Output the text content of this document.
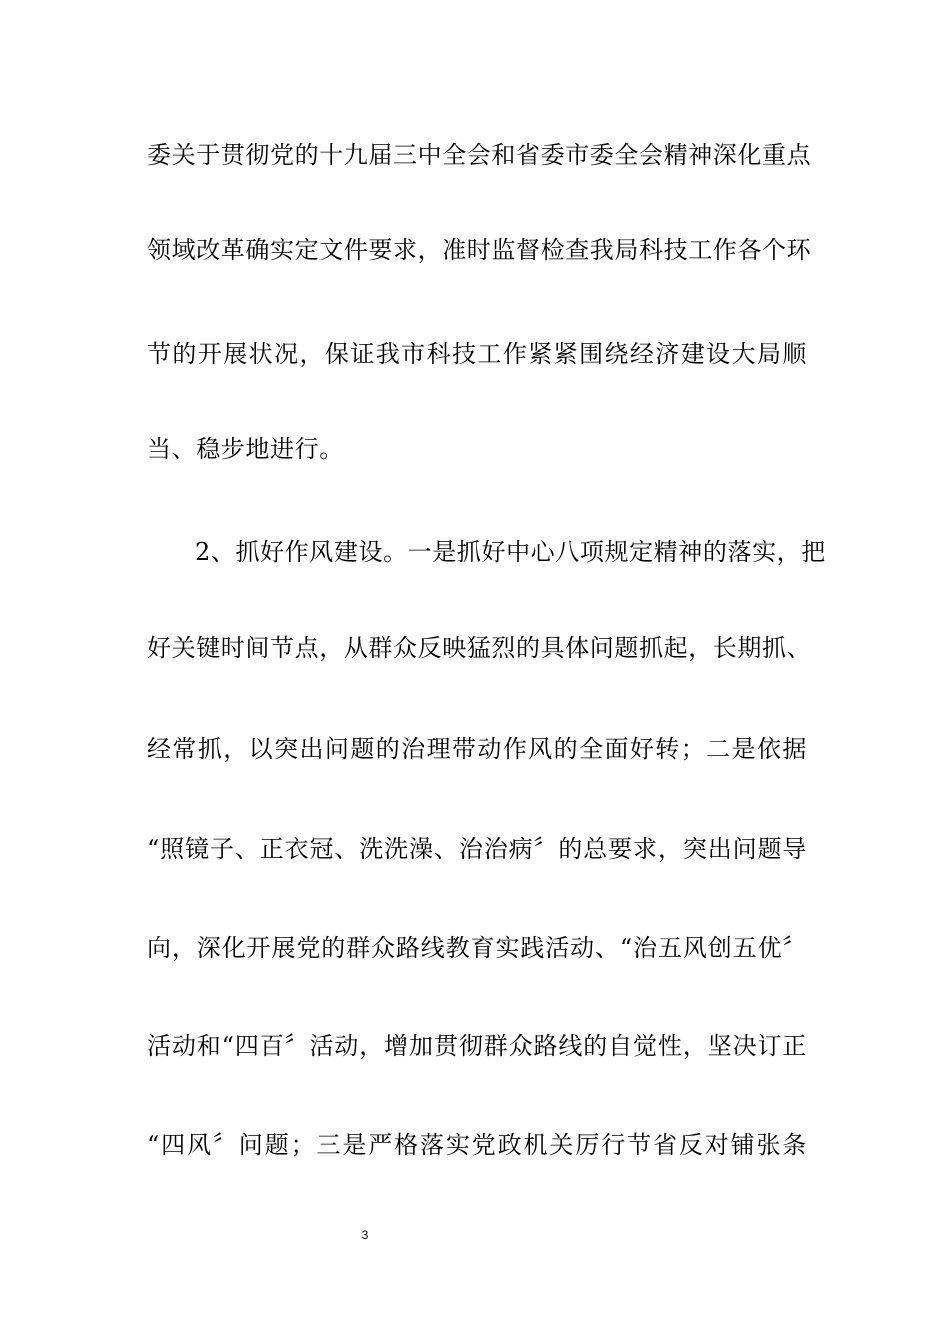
委关于贯彻党的十九届三中全会和省委市委全会精神深化重点
领域改革确实定文件要求，准时监督检查我局科技工作各个环
节的开展状况，保证我市科技工作紧紧围绕经济建设大局顺
当、稳步地进行。
2、抓好作风建设。一是抓好中心八项规定精神的落实，把
好关键时间节点，从群众反映猛烈的具体问题抓起，长期抓、
经常抓，以突出问题的治理带动作风的全面好转；二是依据
“照镜子、正衣冠、洗洗澡、治治病〞的总要求，突出问题导
向，深化开展党的群众路线教育实践活动、“治五风创五优〞
活动和“四百〞活动，增加贯彻群众路线的自觉性，坚决订正
“四风〞问题；三是严格落实党政机关厉行节省反对铺张条
3
